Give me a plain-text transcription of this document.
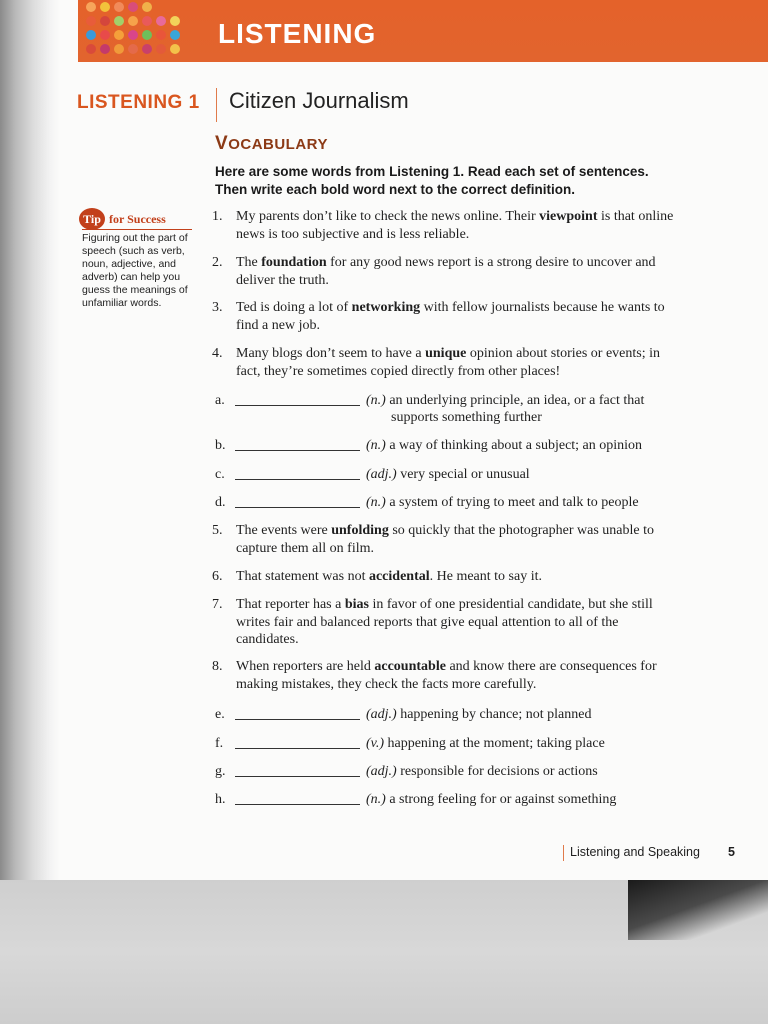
LISTENING
LISTENING 1 Citizen Journalism
VOCABULARY
Here are some words from Listening 1. Read each set of sentences. Then write each bold word next to the correct definition.
Tip for Success
Figuring out the part of speech (such as verb, noun, adjective, and adverb) can help you guess the meanings of unfamiliar words.
1. My parents don’t like to check the news online. Their viewpoint is that online news is too subjective and is less reliable.
2. The foundation for any good news report is a strong desire to uncover and deliver the truth.
3. Ted is doing a lot of networking with fellow journalists because he wants to find a new job.
4. Many blogs don’t seem to have a unique opinion about stories or events; in fact, they’re sometimes copied directly from other places!
5. The events were unfolding so quickly that the photographer was unable to capture them all on film.
6. That statement was not accidental. He meant to say it.
7. That reporter has a bias in favor of one presidential candidate, but she still writes fair and balanced reports that give equal attention to all of the candidates.
8. When reporters are held accountable and know there are consequences for making mistakes, they check the facts more carefully.
a.	(n.) an underlying principle, an idea, or a fact that
supports something further
b.	(n.) a way of thinking about a subject; an opinion
c.	(adj.) very special or unusual
d.	(n.) a system of trying to meet and talk to people
e.	(adj.) happening by chance; not planned
f.	(v.) happening at the moment; taking place
g.	(adj.) responsible for decisions or actions
h.	(n.) a strong feeling for or against something
Listening and Speaking 5
